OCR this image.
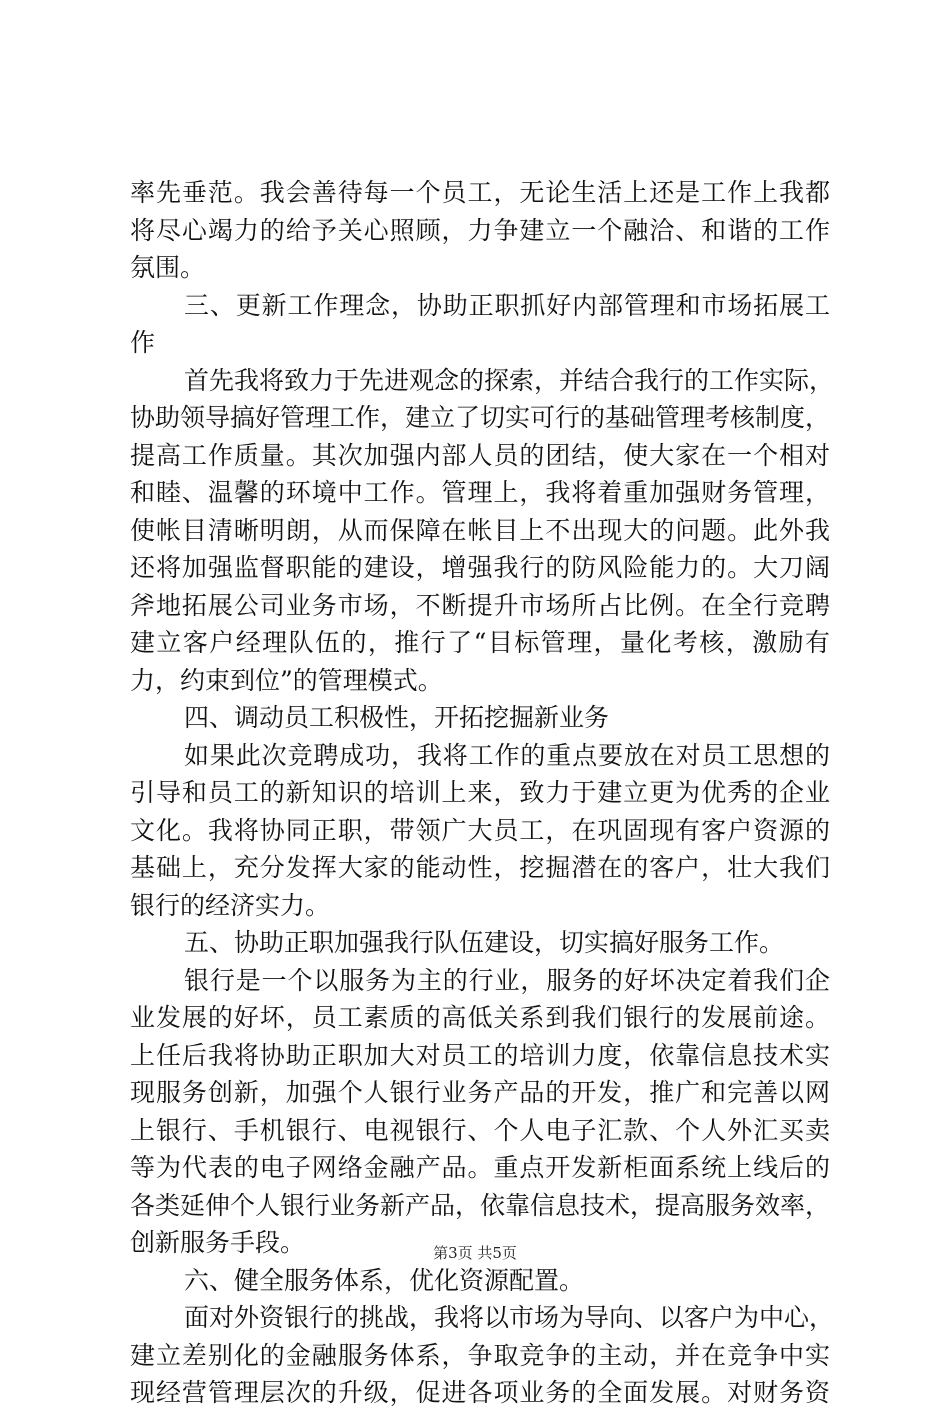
率先垂范。我会善待每一个员工，无论生活上还是工作上我都
将尽心竭力的给予关心照顾，力争建立一个融洽、和谐的工作
氛围。
三、更新工作理念，协助正职抓好内部管理和市场拓展工
作
首先我将致力于先进观念的探索，并结合我行的工作实际，
协助领导搞好管理工作，建立了切实可行的基础管理考核制度，
提高工作质量。其次加强内部人员的团结，使大家在一个相对
和睦、温馨的环境中工作。管理上，我将着重加强财务管理，
使帐目清晰明朗，从而保障在帐目上不出现大的问题。此外我
还将加强监督职能的建设，增强我行的防风险能力的。大刀阔
斧地拓展公司业务市场，不断提升市场所占比例。在全行竞聘
建立客户经理队伍的，推行了“目标管理，量化考核，激励有
力，约束到位”的管理模式。
四、调动员工积极性，开拓挖掘新业务
如果此次竞聘成功，我将工作的重点要放在对员工思想的
引导和员工的新知识的培训上来，致力于建立更为优秀的企业
文化。我将协同正职，带领广大员工，在巩固现有客户资源的
基础上，充分发挥大家的能动性，挖掘潜在的客户，壮大我们
银行的经济实力。
五、协助正职加强我行队伍建设，切实搞好服务工作。
银行是一个以服务为主的行业，服务的好坏决定着我们企
业发展的好坏，员工素质的高低关系到我们银行的发展前途。
上任后我将协助正职加大对员工的培训力度，依靠信息技术实
现服务创新，加强个人银行业务产品的开发，推广和完善以网
上银行、手机银行、电视银行、个人电子汇款、个人外汇买卖
等为代表的电子网络金融产品。重点开发新柜面系统上线后的
各类延伸个人银行业务新产品，依靠信息技术，提高服务效率，
创新服务手段。
六、健全服务体系，优化资源配置。
面对外资银行的挑战，我将以市场为导向、以客户为中心，
建立差别化的金融服务体系，争取竞争的主动，并在竞争中实
现经营管理层次的升级，促进各项业务的全面发展。对财务资
第3页 共5页
